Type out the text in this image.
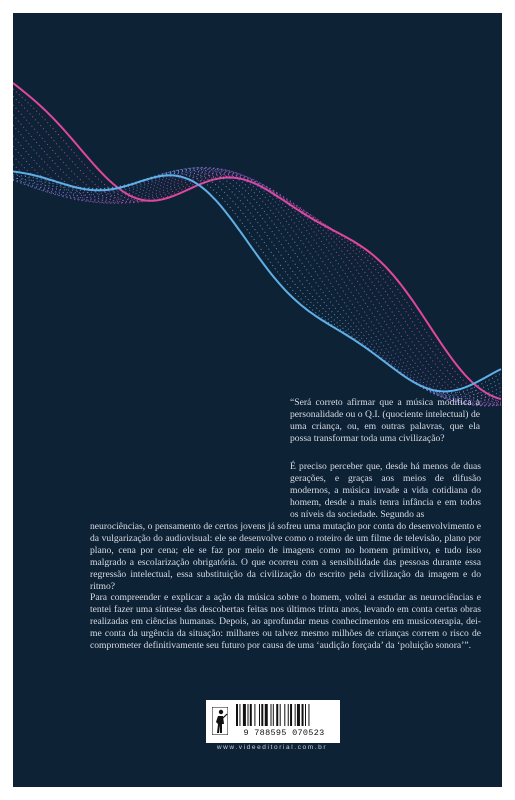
“Será correto afirmar que a música modifica a personalidade ou o Q.I. (quociente intelectual) de uma criança, ou, em outras palavras, que ela possa transformar toda uma civilização?

É preciso perceber que, desde há menos de duas gerações, e graças aos meios de difusão modernos, a música invade a vida cotidiana do homem, desde a mais tenra infância e em todos os níveis da sociedade. Segundo as

neurociências, o pensamento de certos jovens já sofreu uma mutação por conta do desenvolvimento e da vulgarização do audiovisual: ele se desenvolve como o roteiro de um filme de televisão, plano por plano, cena por cena; ele se faz por meio de imagens como no homem primitivo, e tudo isso malgrado a escolarização obrigatória. O que ocorreu com a sensibilidade das pessoas durante essa regressão intelectual, essa substituição da civilização do escrito pela civilização da imagem e do ritmo?

Para compreender e explicar a ação da música sobre o homem, voltei a estudar as neurociências e tentei fazer uma síntese das descobertas feitas nos últimos trinta anos, levando em conta certas obras realizadas em ciências humanas. Depois, ao aprofundar meus conhecimentos em musicoterapia, dei-me conta da urgência da situação: milhares ou talvez mesmo milhões de crianças correm o risco de comprometer definitivamente seu futuro por causa de uma ‘audição forçada’ da ‘poluição sonora’”.

9 788595 070523
www.videeditorial.com.br
